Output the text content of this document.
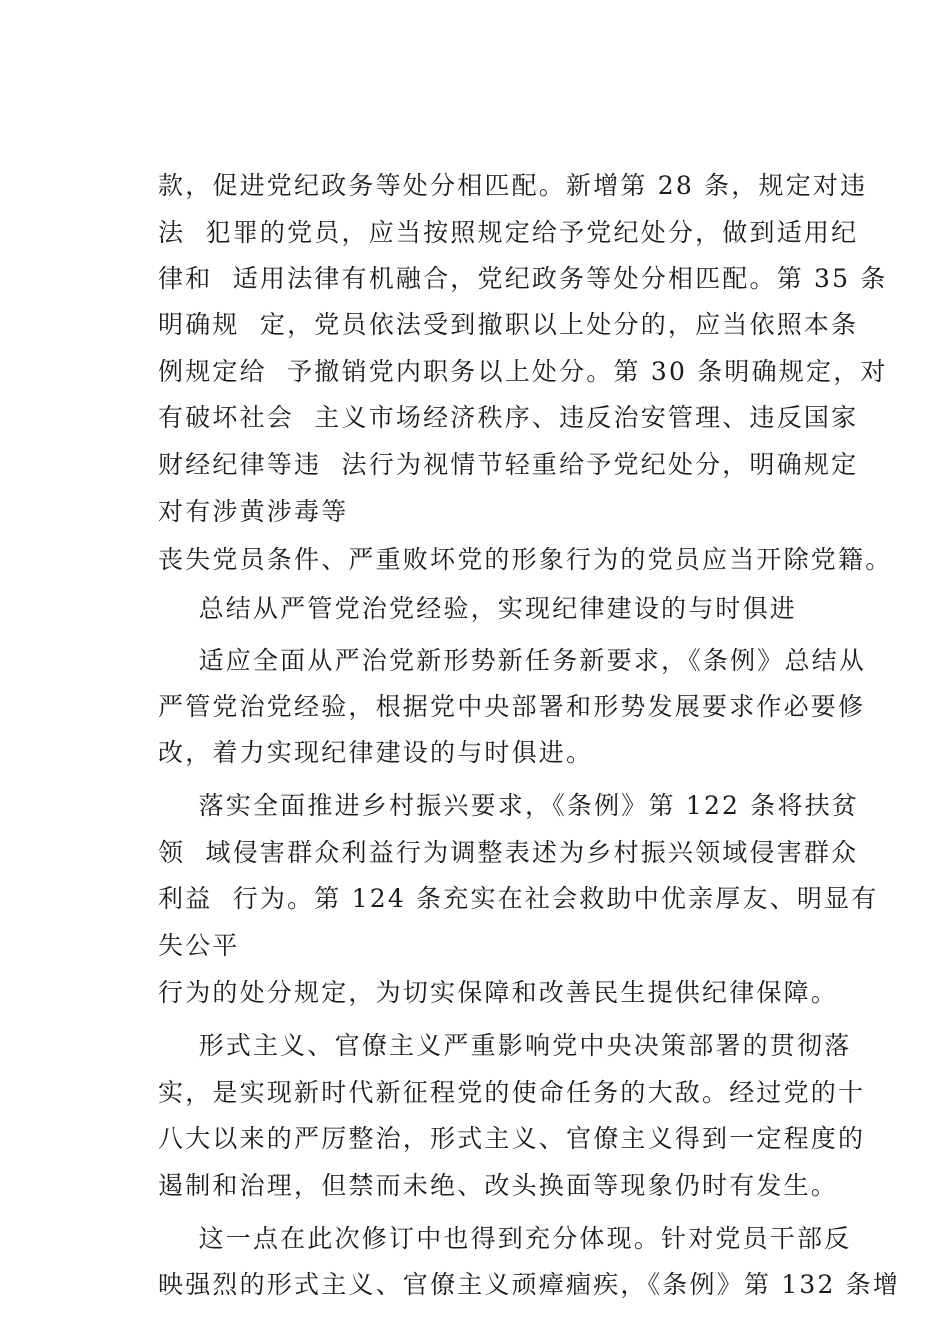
款，促进党纪政务等处分相匹配。新增第 28 条，规定对违
法  犯罪的党员，应当按照规定给予党纪处分，做到适用纪
律和  适用法律有机融合，党纪政务等处分相匹配。第 35 条
明确规  定，党员依法受到撤职以上处分的，应当依照本条
例规定给  予撤销党内职务以上处分。第 30 条明确规定，对
有破坏社会  主义市场经济秩序、违反治安管理、违反国家
财经纪律等违  法行为视情节轻重给予党纪处分，明确规定
对有涉黄涉毒等
丧失党员条件、严重败坏党的形象行为的党员应当开除党籍。
总结从严管党治党经验，实现纪律建设的与时俱进
适应全面从严治党新形势新任务新要求，《条例》总结从
严管党治党经验，根据党中央部署和形势发展要求作必要修
改，着力实现纪律建设的与时俱进。
落实全面推进乡村振兴要求，《条例》第 122 条将扶贫
领  域侵害群众利益行为调整表述为乡村振兴领域侵害群众
利益  行为。第 124 条充实在社会救助中优亲厚友、明显有
失公平
行为的处分规定，为切实保障和改善民生提供纪律保障。
形式主义、官僚主义严重影响党中央决策部署的贯彻落
实，是实现新时代新征程党的使命任务的大敌。经过党的十
八大以来的严厉整治，形式主义、官僚主义得到一定程度的
遏制和治理，但禁而未绝、改头换面等现象仍时有发生。
这一点在此次修订中也得到充分体现。针对党员干部反
映强烈的形式主义、官僚主义顽瘴痼疾，《条例》第 132 条增
